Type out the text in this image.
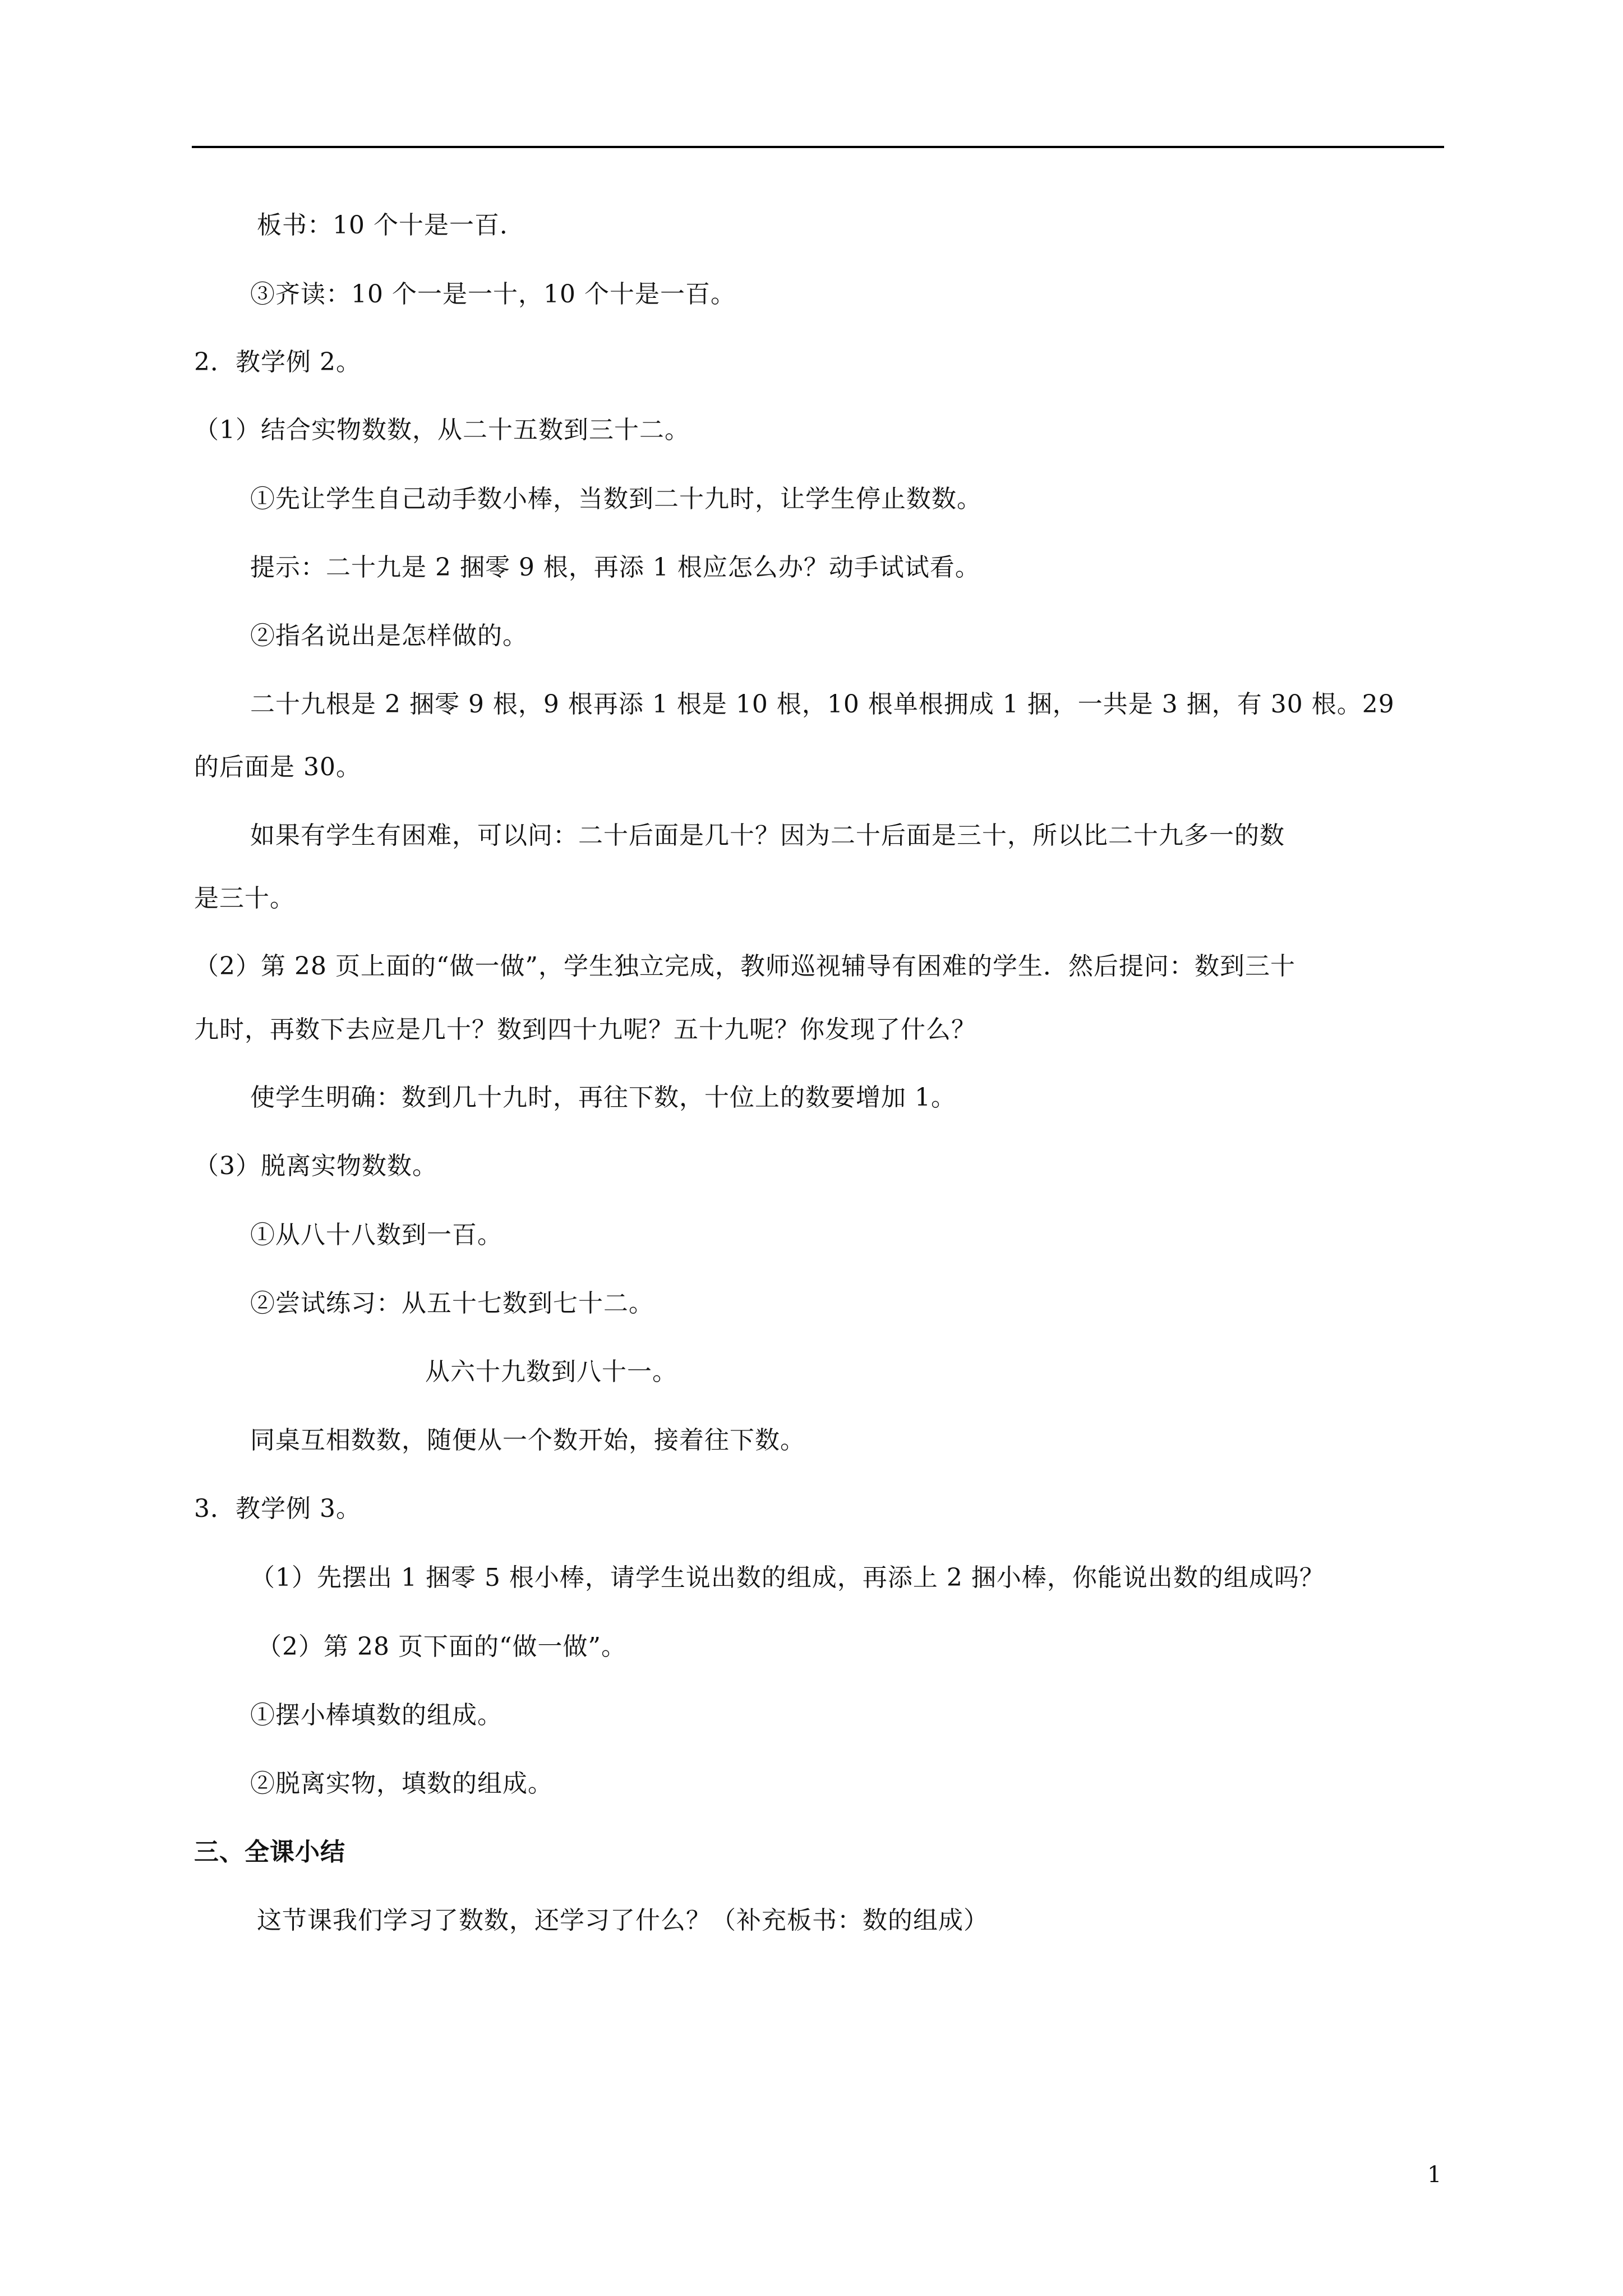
板书：10 个十是一百．
③齐读：10 个一是一十，10 个十是一百。
2．教学例 2。
（1）结合实物数数，从二十五数到三十二。
①先让学生自己动手数小棒，当数到二十九时，让学生停止数数。
提示：二十九是 2 捆零 9 根，再添 1 根应怎么办？动手试试看。
②指名说出是怎样做的。
二十九根是 2 捆零 9 根，9 根再添 1 根是 10 根，10 根单根拥成 1 捆，一共是 3 捆，有 30 根。29
的后面是 30。
如果有学生有困难，可以问：二十后面是几十？因为二十后面是三十，所以比二十九多一的数
是三十。
（2）第 28 页上面的“做一做”，学生独立完成，教师巡视辅导有困难的学生．然后提问：数到三十
九时，再数下去应是几十？数到四十九呢？五十九呢？你发现了什么？
使学生明确：数到几十九时，再往下数，十位上的数要增加 1。
（3）脱离实物数数。
①从八十八数到一百。
②尝试练习：从五十七数到七十二。
从六十九数到八十一。
同桌互相数数，随便从一个数开始，接着往下数。
3．教学例 3。
（1）先摆出 1 捆零 5 根小棒，请学生说出数的组成，再添上 2 捆小棒，你能说出数的组成吗？
（2）第 28 页下面的“做一做”。
①摆小棒填数的组成。
②脱离实物，填数的组成。
三、全课小结
这节课我们学习了数数，还学习了什么？（补充板书：数的组成）
1
